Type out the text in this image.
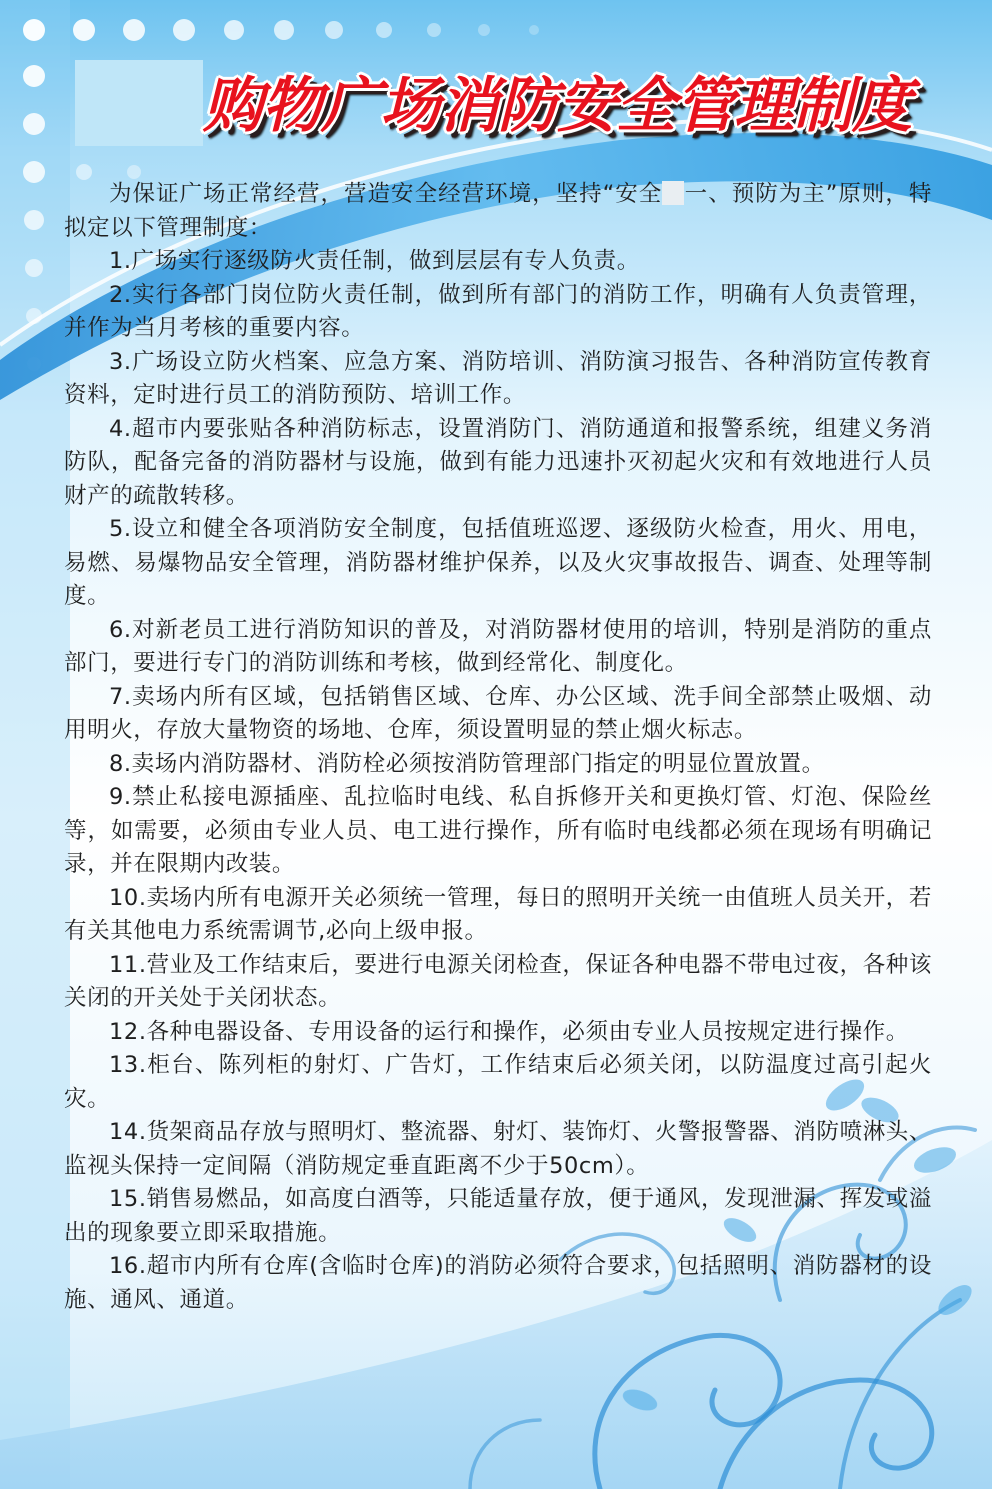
购物广场消防安全管理制度

为保证广场正常经营，营造安全经营环境，坚持“安全 一、预防为主”原则，特拟定以下管理制度：

1.广场实行逐级防火责任制，做到层层有专人负责。

2.实行各部门岗位防火责任制，做到所有部门的消防工作，明确有人负责管理，并作为当月考核的重要内容。

3.广场设立防火档案、应急方案、消防培训、消防演习报告、各种消防宣传教育资料，定时进行员工的消防预防、培训工作。

4.超市内要张贴各种消防标志，设置消防门、消防通道和报警系统，组建义务消防队，配备完备的消防器材与设施，做到有能力迅速扑灭初起火灾和有效地进行人员财产的疏散转移。

5.设立和健全各项消防安全制度，包括值班巡逻、逐级防火检查，用火、用电，易燃、易爆物品安全管理，消防器材维护保养，以及火灾事故报告、调查、处理等制度。

6.对新老员工进行消防知识的普及，对消防器材使用的培训，特别是消防的重点部门，要进行专门的消防训练和考核，做到经常化、制度化。

7.卖场内所有区域，包括销售区域、仓库、办公区域、洗手间全部禁止吸烟、动用明火，存放大量物资的场地、仓库，须设置明显的禁止烟火标志。

8.卖场内消防器材、消防栓必须按消防管理部门指定的明显位置放置。

9.禁止私接电源插座、乱拉临时电线、私自拆修开关和更换灯管、灯泡、保险丝等，如需要，必须由专业人员、电工进行操作，所有临时电线都必须在现场有明确记录，并在限期内改装。

10.卖场内所有电源开关必须统一管理，每日的照明开关统一由值班人员关开，若有关其他电力系统需调节,必向上级申报。

11.营业及工作结束后，要进行电源关闭检查，保证各种电器不带电过夜，各种该关闭的开关处于关闭状态。

12.各种电器设备、专用设备的运行和操作，必须由专业人员按规定进行操作。

13.柜台、陈列柜的射灯、广告灯，工作结束后必须关闭，以防温度过高引起火灾。

14.货架商品存放与照明灯、整流器、射灯、装饰灯、火警报警器、消防喷淋头、监视头保持一定间隔（消防规定垂直距离不少于50cm）。

15.销售易燃品，如高度白酒等，只能适量存放，便于通风，发现泄漏、挥发或溢出的现象要立即采取措施。

16.超市内所有仓库(含临时仓库)的消防必须符合要求，包括照明、消防器材的设施、通风、通道。
